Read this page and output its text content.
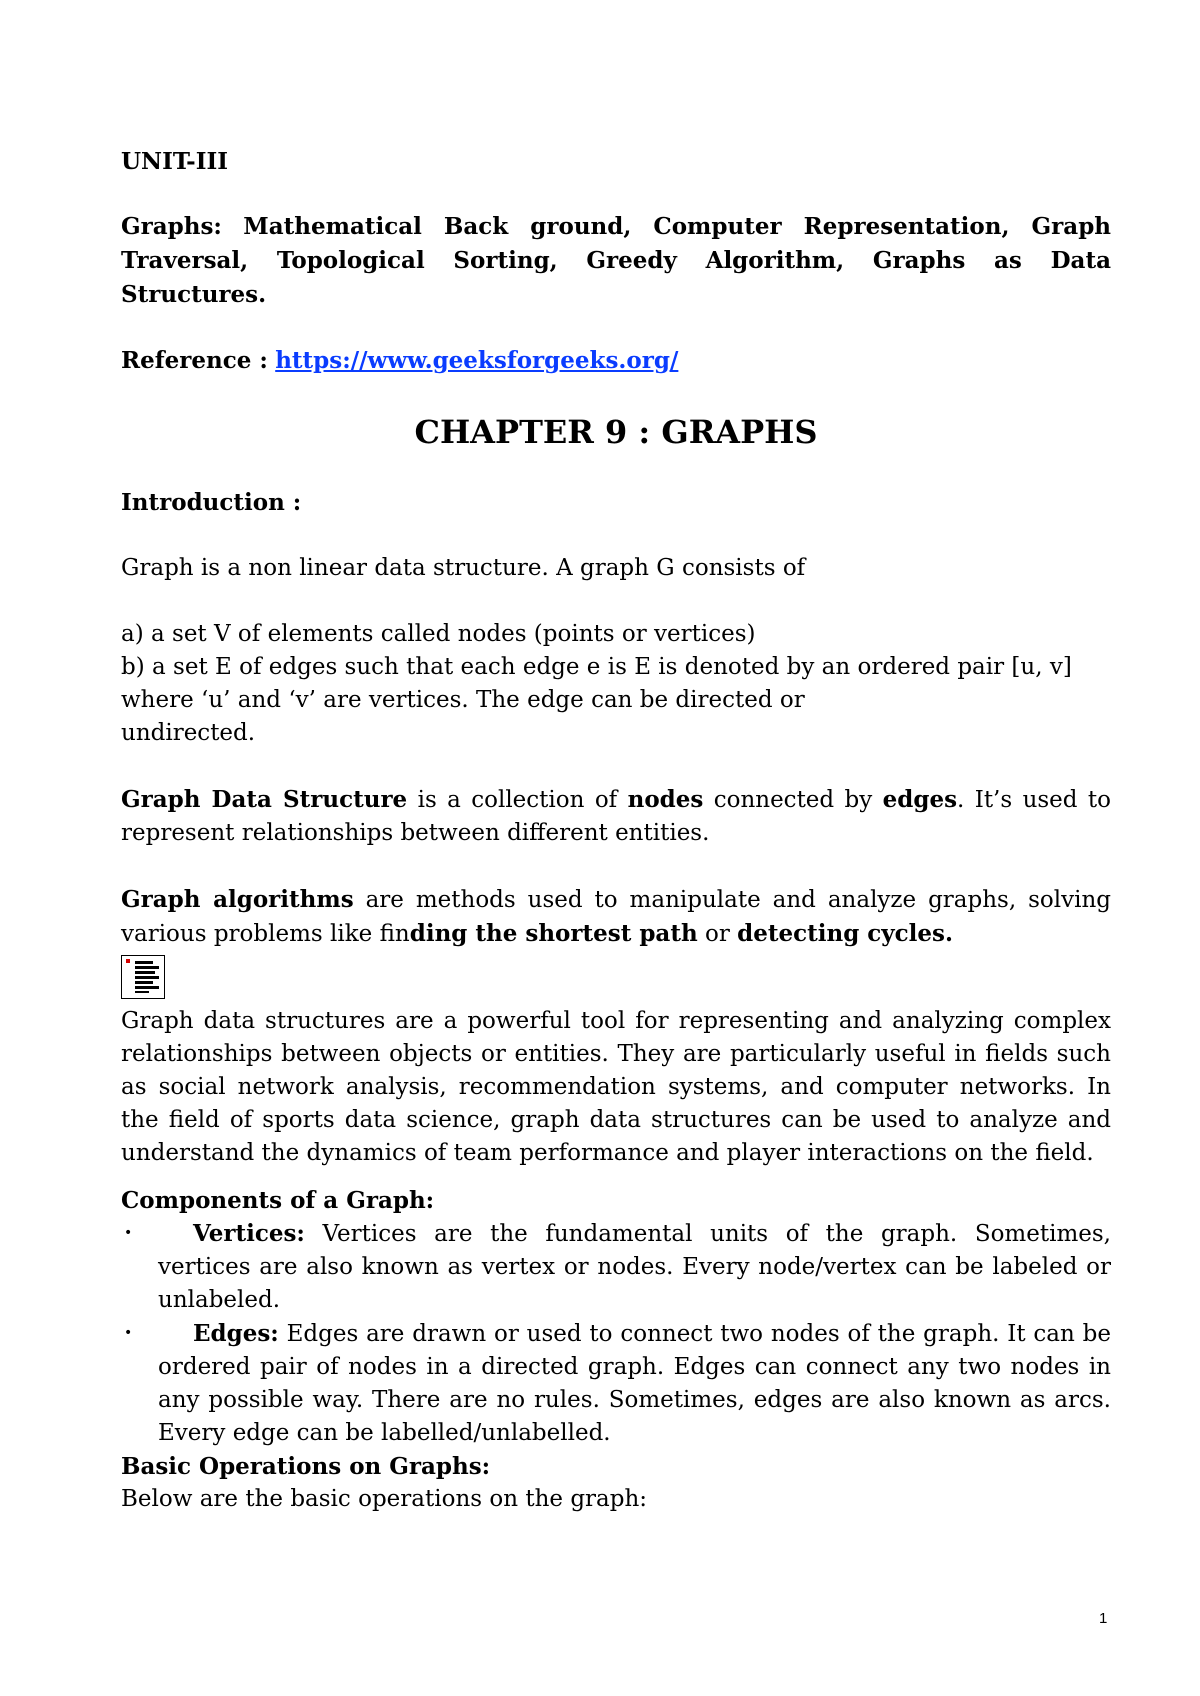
UNIT-III

Graphs: Mathematical Back ground, Computer Representation, Graph Traversal, Topological Sorting, Greedy Algorithm, Graphs as Data Structures.

Reference : https://www.geeksforgeeks.org/

CHAPTER 9 : GRAPHS

Introduction :

Graph is a non linear data structure. A graph G consists of

a) a set V of elements called nodes (points or vertices)

b) a set E of edges such that each edge e is E is denoted by an ordered pair [u, v] where ‘u’ and ‘v’ are vertices. The edge can be directed or

undirected.

Graph Data Structure is a collection of nodes connected by edges. It’s used to represent relationships between different entities.

Graph algorithms are methods used to manipulate and analyze graphs, solving various problems like finding the shortest path or detecting cycles.

Graph data structures are a powerful tool for representing and analyzing complex relationships between objects or entities. They are particularly useful in fields such as social network analysis, recommendation systems, and computer networks. In the field of sports data science, graph data structures can be used to analyze and understand the dynamics of team performance and player interactions on the field.

Components of a Graph:

•	Vertices: Vertices are the fundamental units of the graph. Sometimes, vertices are also known as vertex or nodes. Every node/vertex can be labeled or unlabeled.
•	Edges: Edges are drawn or used to connect two nodes of the graph. It can be ordered pair of nodes in a directed graph. Edges can connect any two nodes in any possible way. There are no rules. Sometimes, edges are also known as arcs. Every edge can be labelled/unlabelled.

Basic Operations on Graphs:

Below are the basic operations on the graph:

1
